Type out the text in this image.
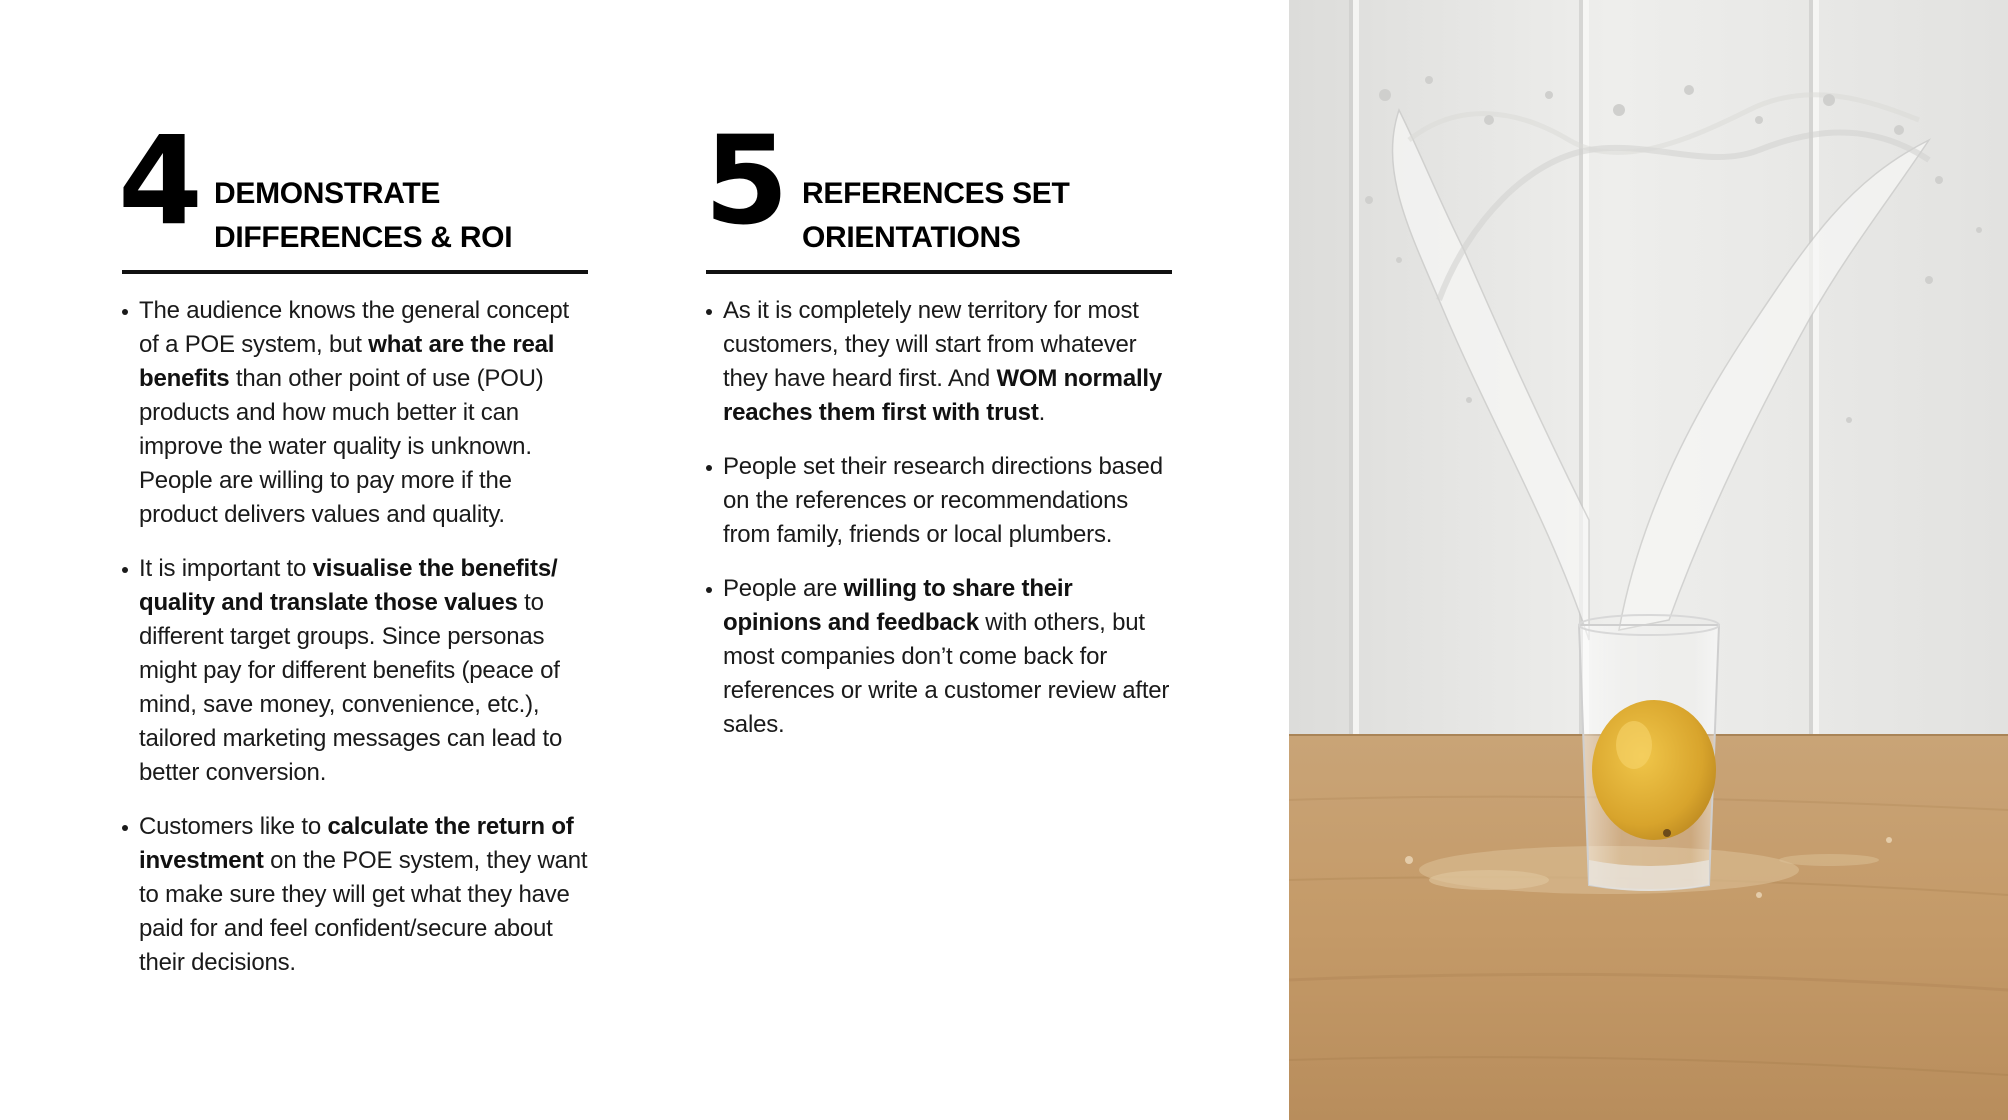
4 DEMONSTRATE
DIFFERENCES & ROI
The audience knows the general concept of a POE system, but what are the real benefits than other point of use (POU) products and how much better it can improve the water quality is unknown. People are willing to pay more if the product delivers values and quality.
It is important to visualise the benefits/ quality and translate those values to different target groups. Since personas might pay for different benefits (peace of mind, save money, convenience, etc.), tailored marketing messages can lead to better conversion.
Customers like to calculate the return of investment on the POE system, they want to make sure they will get what they have paid for and feel confident/secure about their decisions.
5 REFERENCES SET
ORIENTATIONS
As it is completely new territory for most customers, they will start from whatever they have heard first. And WOM normally reaches them first with trust.
People set their research directions based on the references or recommendations from family, friends or local plumbers.
People are willing to share their opinions and feedback with others, but most companies don’t come back for references or write a customer review after sales.
